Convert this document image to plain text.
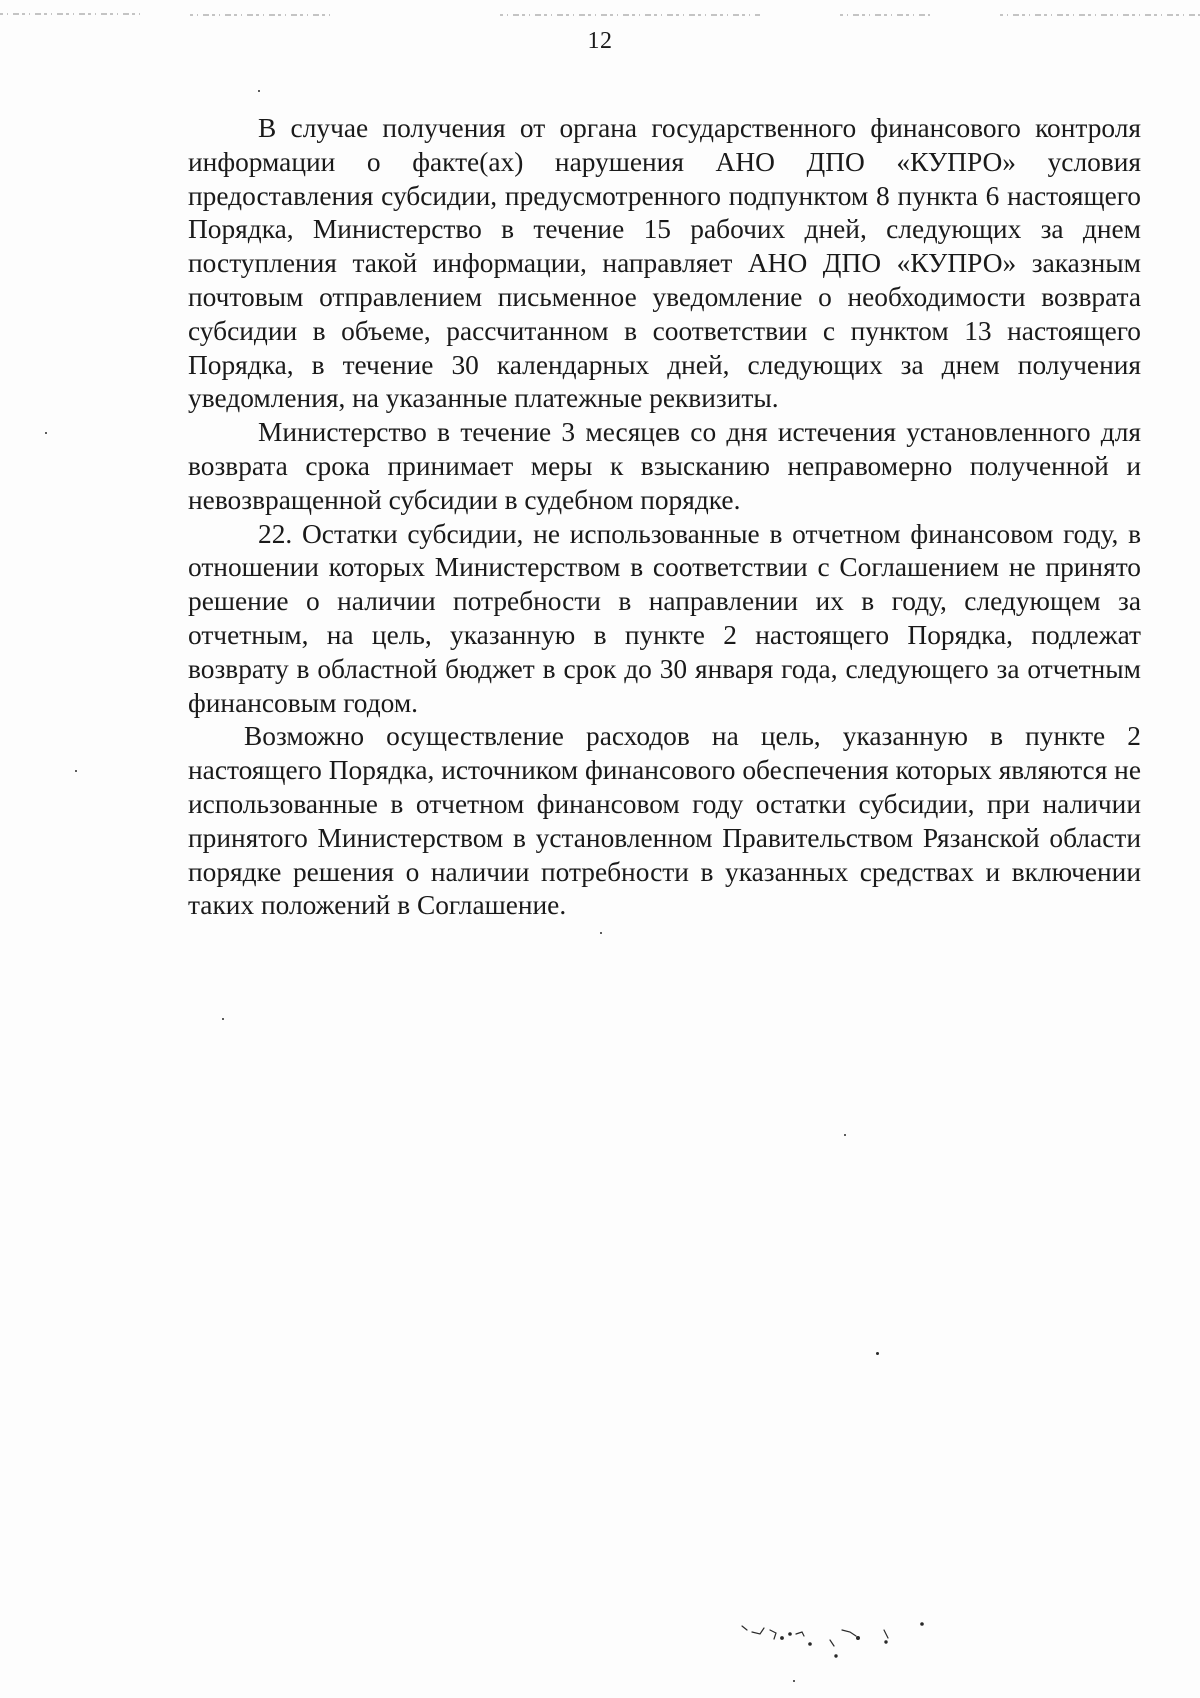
12

В случае получения от органа государственного финансового контроля информации о факте(ах) нарушения АНО ДПО «КУПРО» условия предоставления субсидии, предусмотренного подпунктом 8 пункта 6 настоящего Порядка, Министерство в течение 15 рабочих дней, следующих за днем поступления такой информации, направляет АНО ДПО «КУПРО» заказным почтовым отправлением письменное уведомление о необходимости возврата субсидии в объеме, рассчитанном в соответствии с пунктом 13 настоящего Порядка, в течение 30 календарных дней, следующих за днем получения уведомления, на указанные платежные реквизиты.

Министерство в течение 3 месяцев со дня истечения установленного для возврата срока принимает меры к взысканию неправомерно полученной и невозвращенной субсидии в судебном порядке.

22. Остатки субсидии, не использованные в отчетном финансовом году, в отношении которых Министерством в соответствии с Соглашением не принято решение о наличии потребности в направлении их в году, следующем за отчетным, на цель, указанную в пункте 2 настоящего Порядка, подлежат возврату в областной бюджет в срок до 30 января года, следующего за отчетным финансовым годом.

Возможно осуществление расходов на цель, указанную в пункте 2 настоящего Порядка, источником финансового обеспечения которых являются не использованные в отчетном финансовом году остатки субсидии, при наличии принятого Министерством в установленном Правительством Рязанской области порядке решения о наличии потребности в указанных средствах и включении таких положений в Соглашение.
